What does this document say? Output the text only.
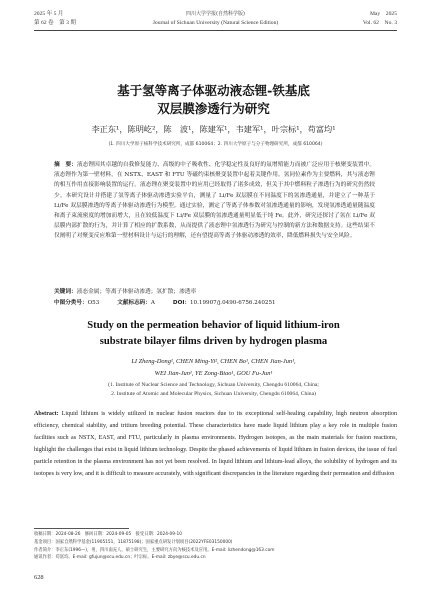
2025 年 5 月
第 62 卷　第 3 期
四川大学学报(自然科学版)
Journal of Sichuan University (Natural Science Edition)
May　2025
Vol. 62　No. 3
基于氢等离子体驱动液态锂-铁基底
双层膜渗透行为研究
李正东¹，陈明屹²，陈　波¹，陈建军¹，韦建军¹，叶宗标¹，苟富均¹
(1. 四川大学原子核科学技术研究所，成都 610064；2. 四川大学原子与分子物理研究所，成都 610064)
摘　要：液态锂因其卓越的自我修复能力、高级的中子吸收性、化学稳定性及良好的氚增殖能力而被广泛应用于核聚变装置中。液态锂作为第一壁材料，在 NSTX、EAST 和 FTU 等磁约束核聚变装置中起着关键作用。氢同位素作为主要燃料，其与液态锂的相互作用直接影响装置的运行。液态锂在聚变装置中的应用已经取得了诸多成效，但关于其中燃料粒子渗透行为的研究仍然较少。本研究设计并搭建了氢等离子体驱动渗透实验平台，测量了 Li/Fe 双层膜在不同温度下的氢渗透通量，并建立了一种基于 Li/Fe 双层膜渗透的等离子体驱动渗透行为模型。通过实验，测定了等离子体参数对氢渗透通量的影响，发现氢渗透通量随温度和离子束流密度的增加而增大，且在较低温度下 Li/Fe 双层膜的氢渗透通量明显低于纯 Fe。此外，研究还探讨了氢在 Li/Fe 双层膜内部扩散的行为，并计算了相应的扩散系数，从而提供了液态锂中氢渗透行为研究与控制的新方法和数据支持。这些结果不仅阐明了对聚变反应堆第一壁材料设计与运行的理解，还有望提高等离子体驱动渗透的效率，降低燃料损失与安全风险。
关键词：液态金属；等离子体驱动渗透；氢扩散；渗透率
中图分类号：O53	文献标志码：A	DOI：10.19907/j.0490-6756.240251
Study on the permeation behavior of liquid lithium-iron
substrate bilayer films driven by hydrogen plasma
LI Zheng-Dong¹, CHEN Ming-Yi², CHEN Bo¹, CHEN Jian-Jun¹,
WEI Jian-Jun¹, YE Zong-Biao¹, GOU Fu-Jun¹
(1. Institute of Nuclear Science and Technology, Sichuan University, Chengdu 610064, China;
2. Institute of Atomic and Molecular Physics, Sichuan University, Chengdu 610064, China)
Abstract: Liquid lithium is widely utilized in nuclear fusion reactors due to its exceptional self-healing capability, high neutron absorption efficiency, chemical stability, and tritium breeding potential. These characteristics have made liquid lithium play a key role in multiple fusion facilities such as NSTX, EAST, and FTU, particularly in plasma environments. Hydrogen isotopes, as the main materials for fusion reactions, highlight the challenges that exist in liquid lithium technology. Despite the phased achievements of liquid lithium in fusion devices, the issue of fuel particle retention in the plasma environment has not yet been resolved. In liquid lithium and lithium-lead alloys, the solubility of hydrogen and its isotopes is very low, and it is difficult to measure accurately, with significant discrepancies in the literature regarding their permeation and diffusion
收稿日期：2024-08-26　修回日期：2024-09-05　接受日期：2024-09-10
基金项目：国家自然科学基金(11905151，11875198)；国家重点研发计划项目(2022YFE03150000)
作者简介：李正东(1996—)，男，四川南充人，硕士研究生，主要研究方向为核技术及应用。E-mail: lizhendong@163.com
通讯作者：苟富均。E-mail: gfujun@scu.edu.cn；叶宗标。E-mail: zbye@scu.edu.cn
628
